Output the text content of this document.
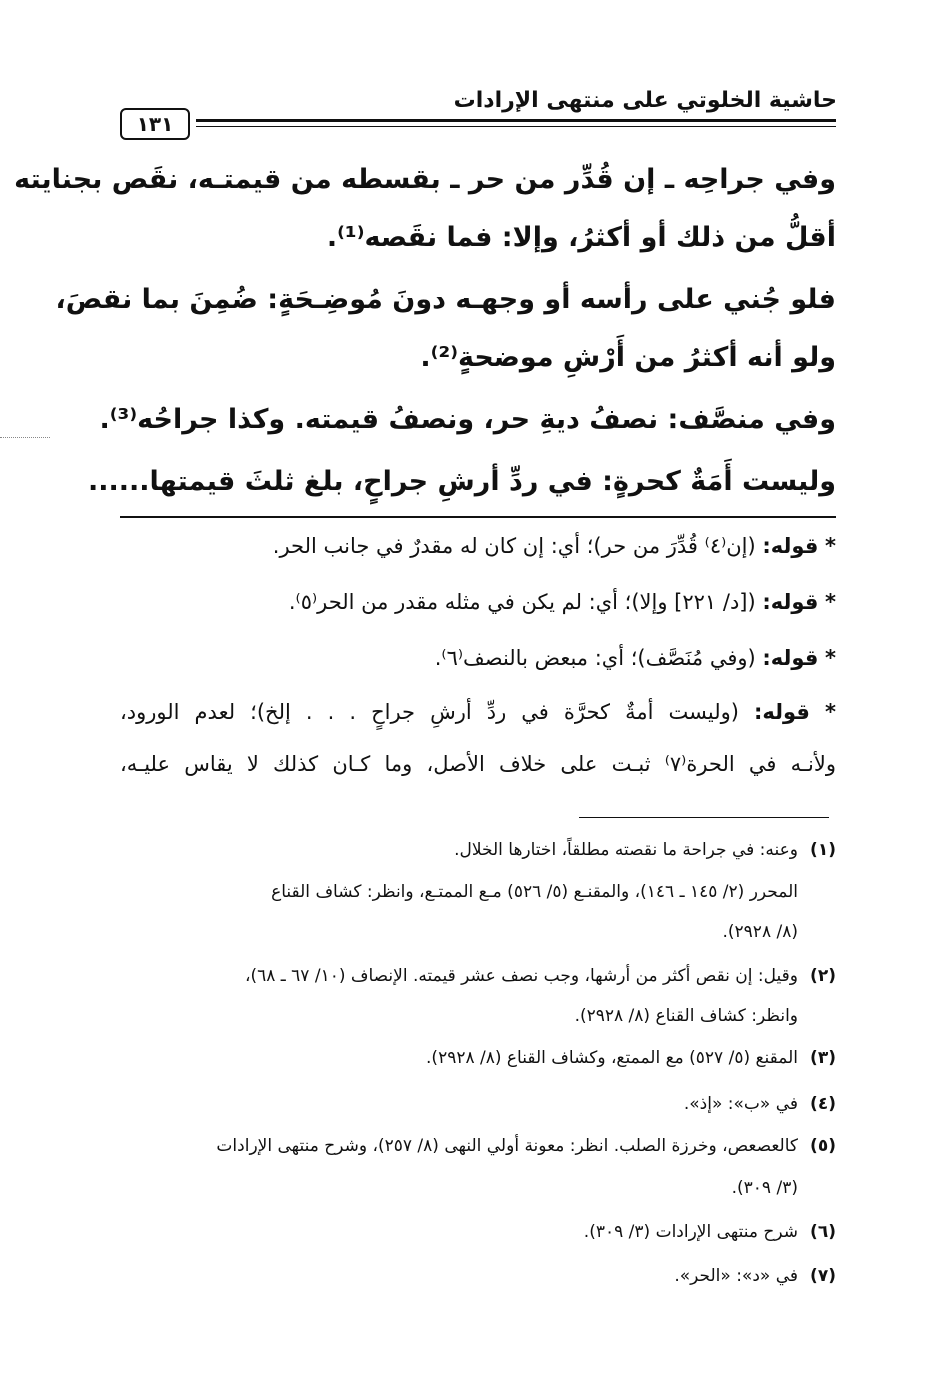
حاشية الخلوتي على منتهى الإرادات
١٣١
وفي جراحِه ـ إن قُدِّر من حر ـ بقسطه من قيمتـه، نقَص بجنايته
أقلُّ من ذلك أو أكثرُ، وإلا: فما نقَصه⁽¹⁾.
فلو جُني على رأسه أو وجهـه دونَ مُوضِـحَةٍ: ضُمِنَ بما نقصَ،
ولو أنه أكثرُ من أَرْشِ موضحةٍ⁽²⁾.
وفي منصَّف: نصفُ ديةِ حر، ونصفُ قيمته. وكذا جراحُه⁽³⁾.
وليست أَمَةٌ كحرةٍ: في ردِّ أرشِ جراحٍ، بلغ ثلثَ قيمتها......
* قوله: (إن⁽٤⁾ قُدِّرَ من حر)؛ أي: إن كان له مقدرٌ في جانب الحر.
* قوله: ([د/ ٢٢١] وإلا)؛ أي: لم يكن في مثله مقدر من الحر⁽٥⁾.
* قوله: (وفي مُنَصَّف)؛ أي: مبعض بالنصف⁽٦⁾.
* قوله: (وليست أمةٌ كحرَّة في ردِّ أرشِ جراحٍ . . . إلخ)؛ لعدم الورود،
ولأنـه في الحرة⁽٧⁾ ثبـت على خلاف الأصل، وما كـان كذلك لا يقاس عليـه،
(١)وعنه: في جراحة ما نقصته مطلقاً، اختارها الخلال.
المحرر (٢/ ١٤٥ ـ ١٤٦)، والمقنـع (٥/ ٥٢٦) مـع الممتـع، وانظر: كشاف القناع
(٨/ ٢٩٢٨).
(٢)وقيل: إن نقص أكثر من أرشها، وجب نصف عشر قيمته. الإنصاف (١٠/ ٦٧ ـ ٦٨)،
وانظر: كشاف القناع (٨/ ٢٩٢٨).
(٣)المقنع (٥/ ٥٢٧) مع الممتع، وكشاف القناع (٨/ ٢٩٢٨).
(٤)في «ب»: «إذ».
(٥)كالعصعص، وخرزة الصلب. انظر: معونة أولي النهى (٨/ ٢٥٧)، وشرح منتهى الإرادات
(٣/ ٣٠٩).
(٦)شرح منتهى الإرادات (٣/ ٣٠٩).
(٧)في «د»: «الحر».
